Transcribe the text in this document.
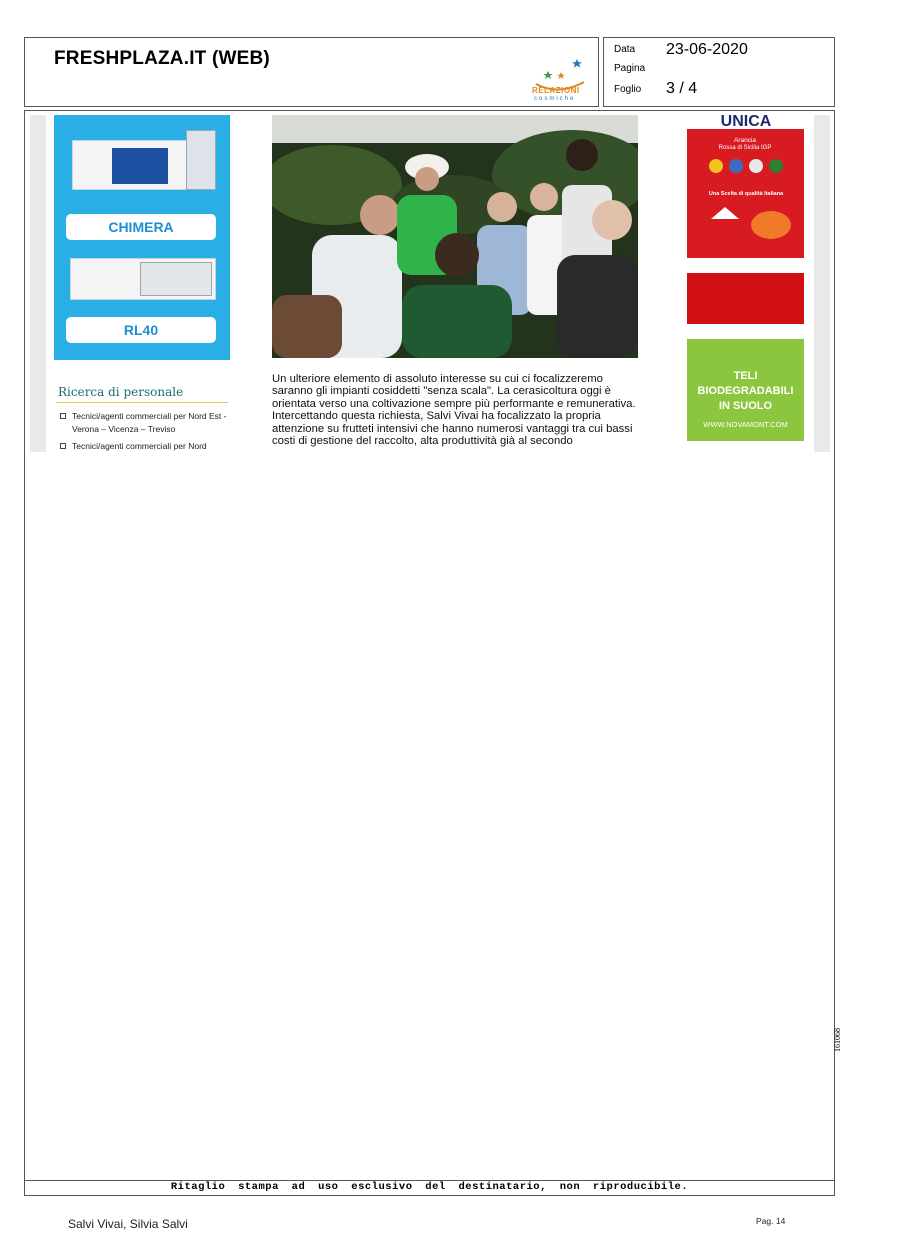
FRESHPLAZA.IT (WEB)
RELAZIONI
cosmiche
Data 23-06-2020
Pagina
Foglio 3 / 4
CHIMERA
RL40
Ricerca di personale
Tecnici/agenti commerciali per Nord Est - Verona – Vicenza – Treviso
Tecnici/agenti commerciali per Nord
Un ulteriore elemento di assoluto interesse su cui ci focalizzeremo saranno gli impianti cosiddetti "senza scala". La cerasicoltura oggi è orientata verso una coltivazione sempre più performante e remunerativa. Intercettando questa richiesta, Salvi Vivai ha focalizzato la propria attenzione su frutteti intensivi che hanno numerosi vantaggi tra cui bassi costi di gestione del raccolto, alta produttività già al secondo
UNICA
Arancia
Rossa di Sicilia IGP
Una Scelta di qualità Italiana
TELI
BIODEGRADABILI
IN SUOLO
WWW.NOVAMONT.COM
161068
Ritaglio stampa ad uso esclusivo del destinatario, non riproducibile.
Salvi Vivai, Silvia Salvi	Pag. 14
